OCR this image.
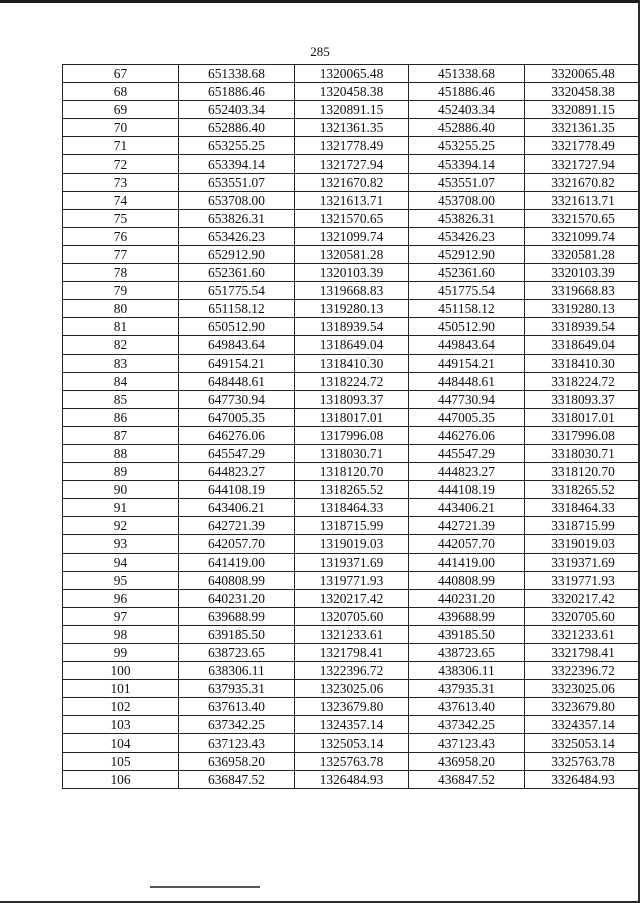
285
67	651338.68	1320065.48	451338.68	3320065.48
68	651886.46	1320458.38	451886.46	3320458.38
69	652403.34	1320891.15	452403.34	3320891.15
70	652886.40	1321361.35	452886.40	3321361.35
71	653255.25	1321778.49	453255.25	3321778.49
72	653394.14	1321727.94	453394.14	3321727.94
73	653551.07	1321670.82	453551.07	3321670.82
74	653708.00	1321613.71	453708.00	3321613.71
75	653826.31	1321570.65	453826.31	3321570.65
76	653426.23	1321099.74	453426.23	3321099.74
77	652912.90	1320581.28	452912.90	3320581.28
78	652361.60	1320103.39	452361.60	3320103.39
79	651775.54	1319668.83	451775.54	3319668.83
80	651158.12	1319280.13	451158.12	3319280.13
81	650512.90	1318939.54	450512.90	3318939.54
82	649843.64	1318649.04	449843.64	3318649.04
83	649154.21	1318410.30	449154.21	3318410.30
84	648448.61	1318224.72	448448.61	3318224.72
85	647730.94	1318093.37	447730.94	3318093.37
86	647005.35	1318017.01	447005.35	3318017.01
87	646276.06	1317996.08	446276.06	3317996.08
88	645547.29	1318030.71	445547.29	3318030.71
89	644823.27	1318120.70	444823.27	3318120.70
90	644108.19	1318265.52	444108.19	3318265.52
91	643406.21	1318464.33	443406.21	3318464.33
92	642721.39	1318715.99	442721.39	3318715.99
93	642057.70	1319019.03	442057.70	3319019.03
94	641419.00	1319371.69	441419.00	3319371.69
95	640808.99	1319771.93	440808.99	3319771.93
96	640231.20	1320217.42	440231.20	3320217.42
97	639688.99	1320705.60	439688.99	3320705.60
98	639185.50	1321233.61	439185.50	3321233.61
99	638723.65	1321798.41	438723.65	3321798.41
100	638306.11	1322396.72	438306.11	3322396.72
101	637935.31	1323025.06	437935.31	3323025.06
102	637613.40	1323679.80	437613.40	3323679.80
103	637342.25	1324357.14	437342.25	3324357.14
104	637123.43	1325053.14	437123.43	3325053.14
105	636958.20	1325763.78	436958.20	3325763.78
106	636847.52	1326484.93	436847.52	3326484.93
